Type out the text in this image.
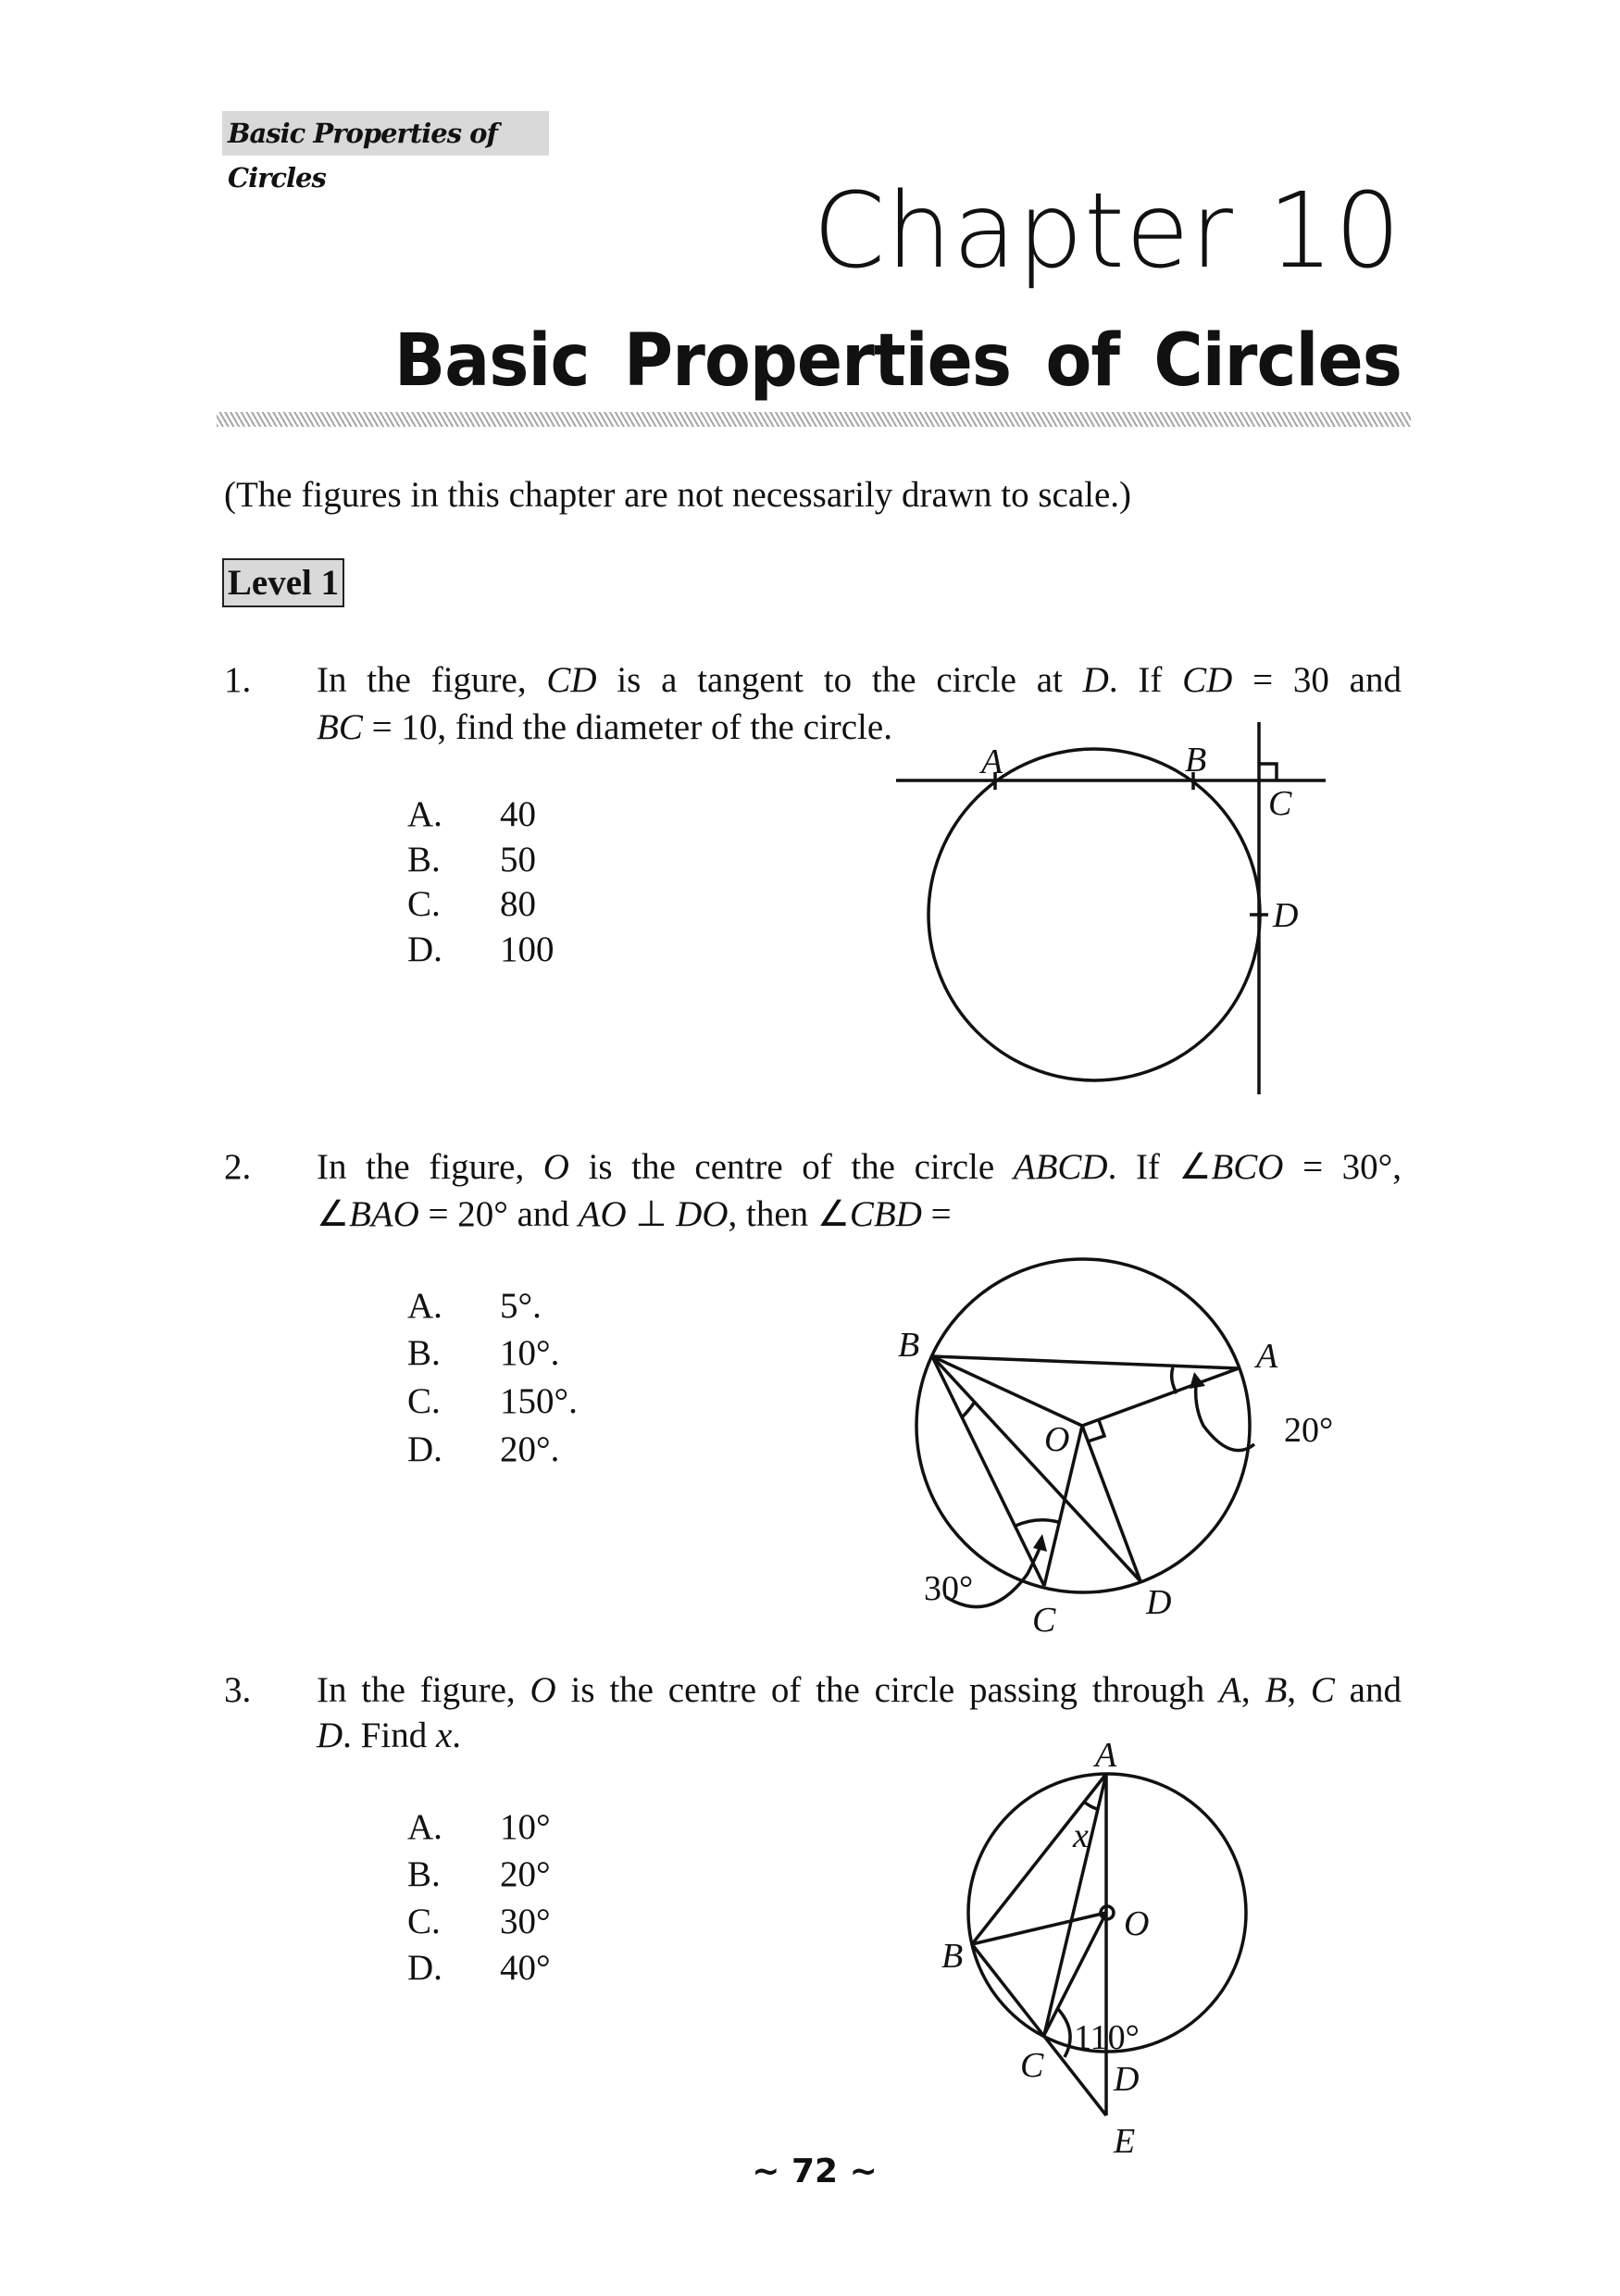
Basic Properties of Circles	Chapter 10
Basic Properties of Circles
(The figures in this chapter are not necessarily drawn to scale.)
Level 1
1. In the figure, CD is a tangent to the circle at D. If CD = 30 and
BC = 10, find the diameter of the circle.
A. 40
B. 50
C. 80
D. 100
2. In the figure, O is the centre of the circle ABCD. If ∠BCO = 30°,
∠BAO = 20° and AO ⊥ DO, then ∠CBD =
A. 5°.
B. 10°.
C. 150°.
D. 20°.
3. In the figure, O is the centre of the circle passing through A, B, C and
D. Find x.
A. 10°
B. 20°
C. 30°
D. 40°
A	B
C
D
B	A
O
C	D
20°
30°
A
x
O
B
C D
E
110°
~ 72 ~
